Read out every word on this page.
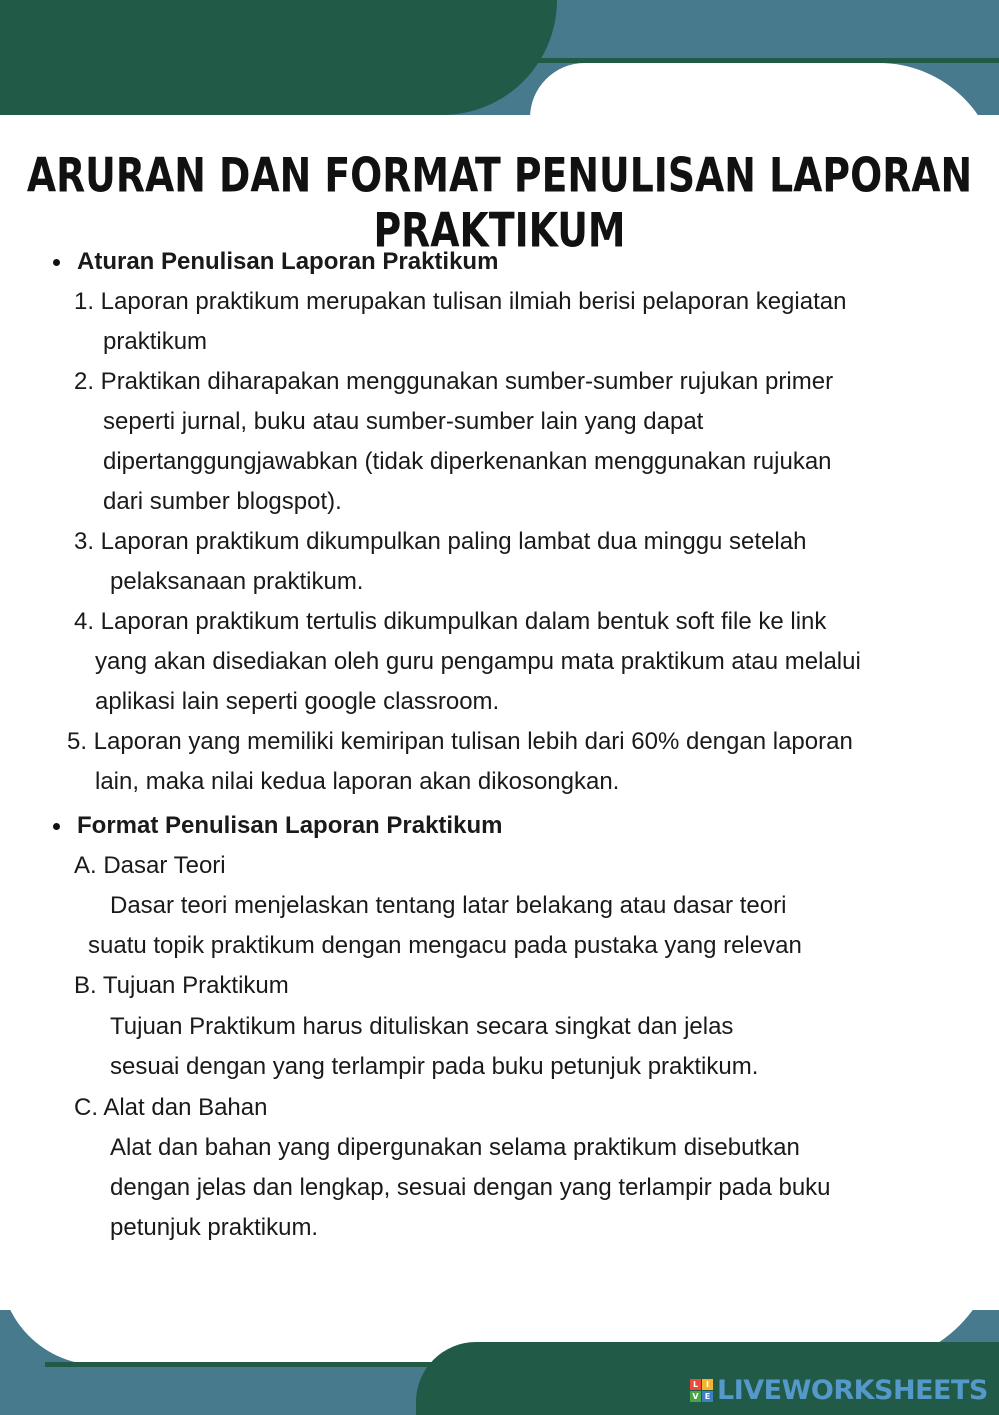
ARURAN DAN FORMAT PENULISAN LAPORAN PRAKTIKUM
Aturan Penulisan Laporan Praktikum
1. Laporan praktikum merupakan tulisan ilmiah berisi pelaporan kegiatan
praktikum
2. Praktikan diharapakan menggunakan sumber-sumber rujukan primer
seperti jurnal, buku atau sumber-sumber lain yang dapat
dipertanggungjawabkan (tidak diperkenankan menggunakan rujukan
dari sumber blogspot).
3. Laporan praktikum dikumpulkan paling lambat dua minggu setelah
pelaksanaan praktikum.
4. Laporan praktikum tertulis dikumpulkan dalam bentuk soft file ke link
yang akan disediakan oleh guru pengampu mata praktikum atau melalui
aplikasi lain seperti google classroom.
5. Laporan yang memiliki kemiripan tulisan lebih dari 60% dengan laporan
lain, maka nilai kedua laporan akan dikosongkan.
Format Penulisan Laporan Praktikum
A. Dasar Teori
Dasar teori menjelaskan tentang latar belakang atau dasar teori
suatu topik praktikum dengan mengacu pada pustaka yang relevan
B. Tujuan Praktikum
Tujuan Praktikum harus dituliskan secara singkat dan jelas
sesuai dengan yang terlampir pada buku petunjuk praktikum.
C. Alat dan Bahan
Alat dan bahan yang dipergunakan selama praktikum disebutkan
dengan jelas dan lengkap, sesuai dengan yang terlampir pada buku
petunjuk praktikum.
L I
V E LIVEWORKSHEETS
